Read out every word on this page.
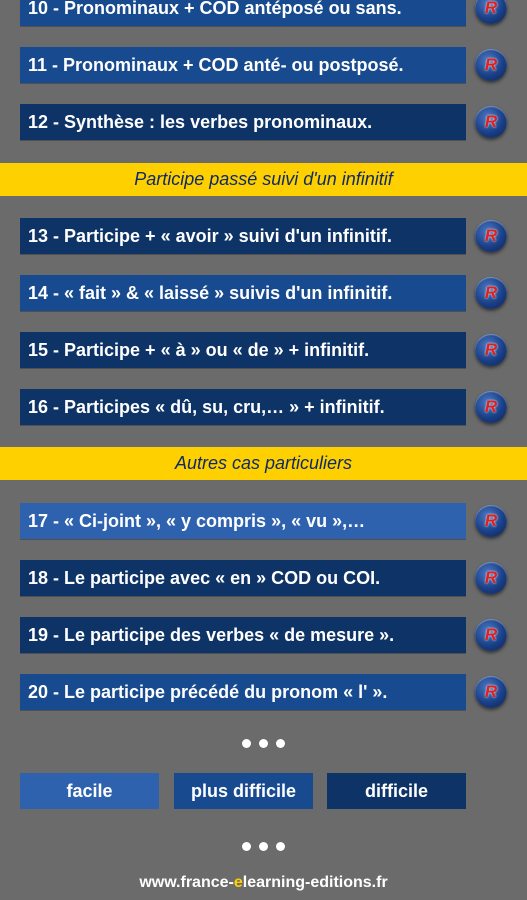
10 - Pronominaux + COD antéposé ou sans.	R
11 - Pronominaux + COD anté- ou postposé.	R
12 - Synthèse : les verbes pronominaux.	R
Participe passé suivi d'un infinitif
13 - Participe + « avoir » suivi d'un infinitif.	R
14 - « fait » & « laissé » suivis d'un infinitif.	R
15 - Participe + « à » ou « de » + infinitif.	R
16 - Participes « dû, su, cru,… » + infinitif.	R
Autres cas particuliers
17 - « Ci-joint », « y compris », « vu »,…	R
18 - Le participe avec « en » COD ou COI.	R
19 - Le participe des verbes « de mesure ».	R
20 - Le participe précédé du pronom « l' ».	R
facile	plus difficile	difficile
www.france-elearning-editions.fr
